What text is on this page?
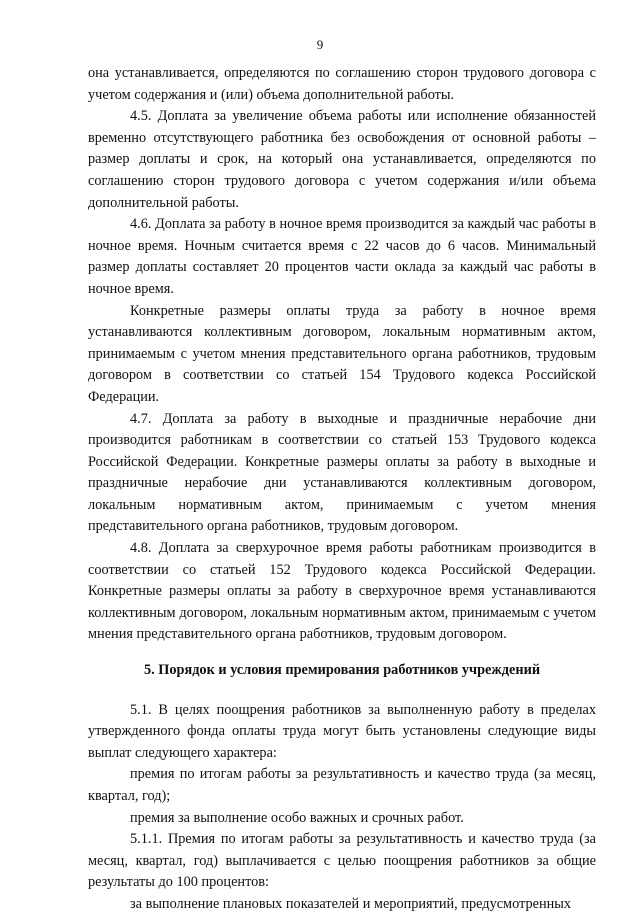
9

она устанавливается, определяются по соглашению сторон трудового договора с учетом содержания и (или) объема дополнительной работы.

4.5. Доплата за увеличение объема работы или исполнение обязанностей временно отсутствующего работника без освобождения от основной работы – размер доплаты и срок, на который она устанавливается, определяются по соглашению сторон трудового договора с учетом содержания и/или объема дополнительной работы.

4.6. Доплата за работу в ночное время производится за каждый час работы в ночное время. Ночным считается время с 22 часов до 6 часов. Минимальный размер доплаты составляет 20 процентов части оклада за каждый час работы в ночное время.

Конкретные размеры оплаты труда за работу в ночное время устанавливаются коллективным договором, локальным нормативным актом, принимаемым с учетом мнения представительного органа работников, трудовым договором в соответствии со статьей 154 Трудового кодекса Российской Федерации.

4.7. Доплата за работу в выходные и праздничные нерабочие дни производится работникам в соответствии со статьей 153 Трудового кодекса Российской Федерации. Конкретные размеры оплаты за работу в выходные и праздничные нерабочие дни устанавливаются коллективным договором, локальным нормативным актом, принимаемым с учетом мнения представительного органа работников, трудовым договором.

4.8. Доплата за сверхурочное время работы работникам производится в соответствии со статьей 152 Трудового кодекса Российской Федерации. Конкретные размеры оплаты за работу в сверхурочное время устанавливаются коллективным договором, локальным нормативным актом, принимаемым с учетом мнения представительного органа работников, трудовым договором.

5. Порядок и условия премирования работников учреждений

5.1. В целях поощрения работников за выполненную работу в пределах утвержденного фонда оплаты труда могут быть установлены следующие виды выплат следующего характера:

премия по итогам работы за результативность и качество труда (за месяц, квартал, год);

премия за выполнение особо важных и срочных работ.

5.1.1. Премия по итогам работы за результативность и качество труда (за месяц, квартал, год) выплачивается с целью поощрения работников за общие результаты до 100 процентов:

за выполнение плановых показателей и мероприятий, предусмотренных
